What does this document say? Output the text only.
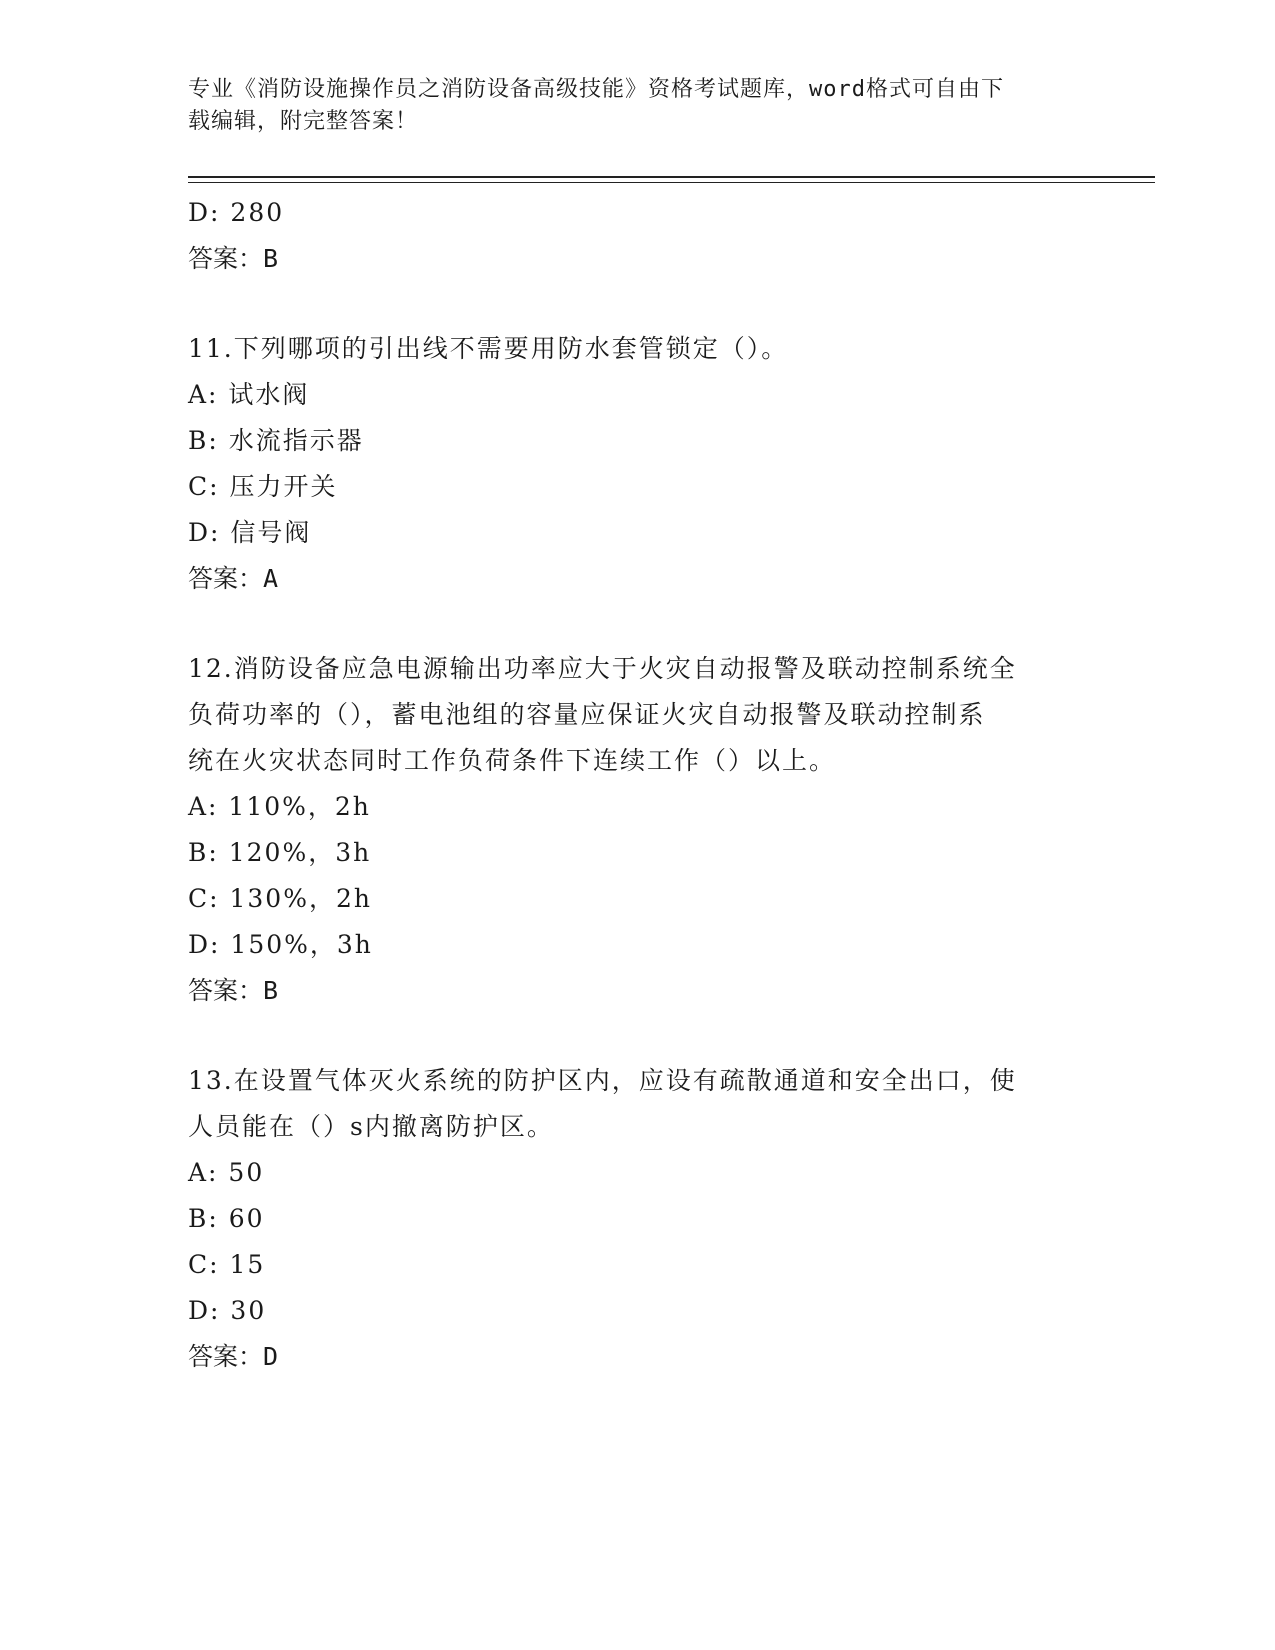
专业《消防设施操作员之消防设备高级技能》资格考试题库，word格式可自由下
载编辑，附完整答案！
D: 280
答案：B
11.下列哪项的引出线不需要用防水套管锁定（）。
A: 试水阀
B: 水流指示器
C: 压力开关
D: 信号阀
答案：A
12.消防设备应急电源输出功率应大于火灾自动报警及联动控制系统全
负荷功率的（），蓄电池组的容量应保证火灾自动报警及联动控制系
统在火灾状态同时工作负荷条件下连续工作（）以上。
A: 110%，2h
B: 120%，3h
C: 130%，2h
D: 150%，3h
答案：B
13.在设置气体灭火系统的防护区内，应设有疏散通道和安全出口，使
人员能在（）s内撤离防护区。
A: 50
B: 60
C: 15
D: 30
答案：D
